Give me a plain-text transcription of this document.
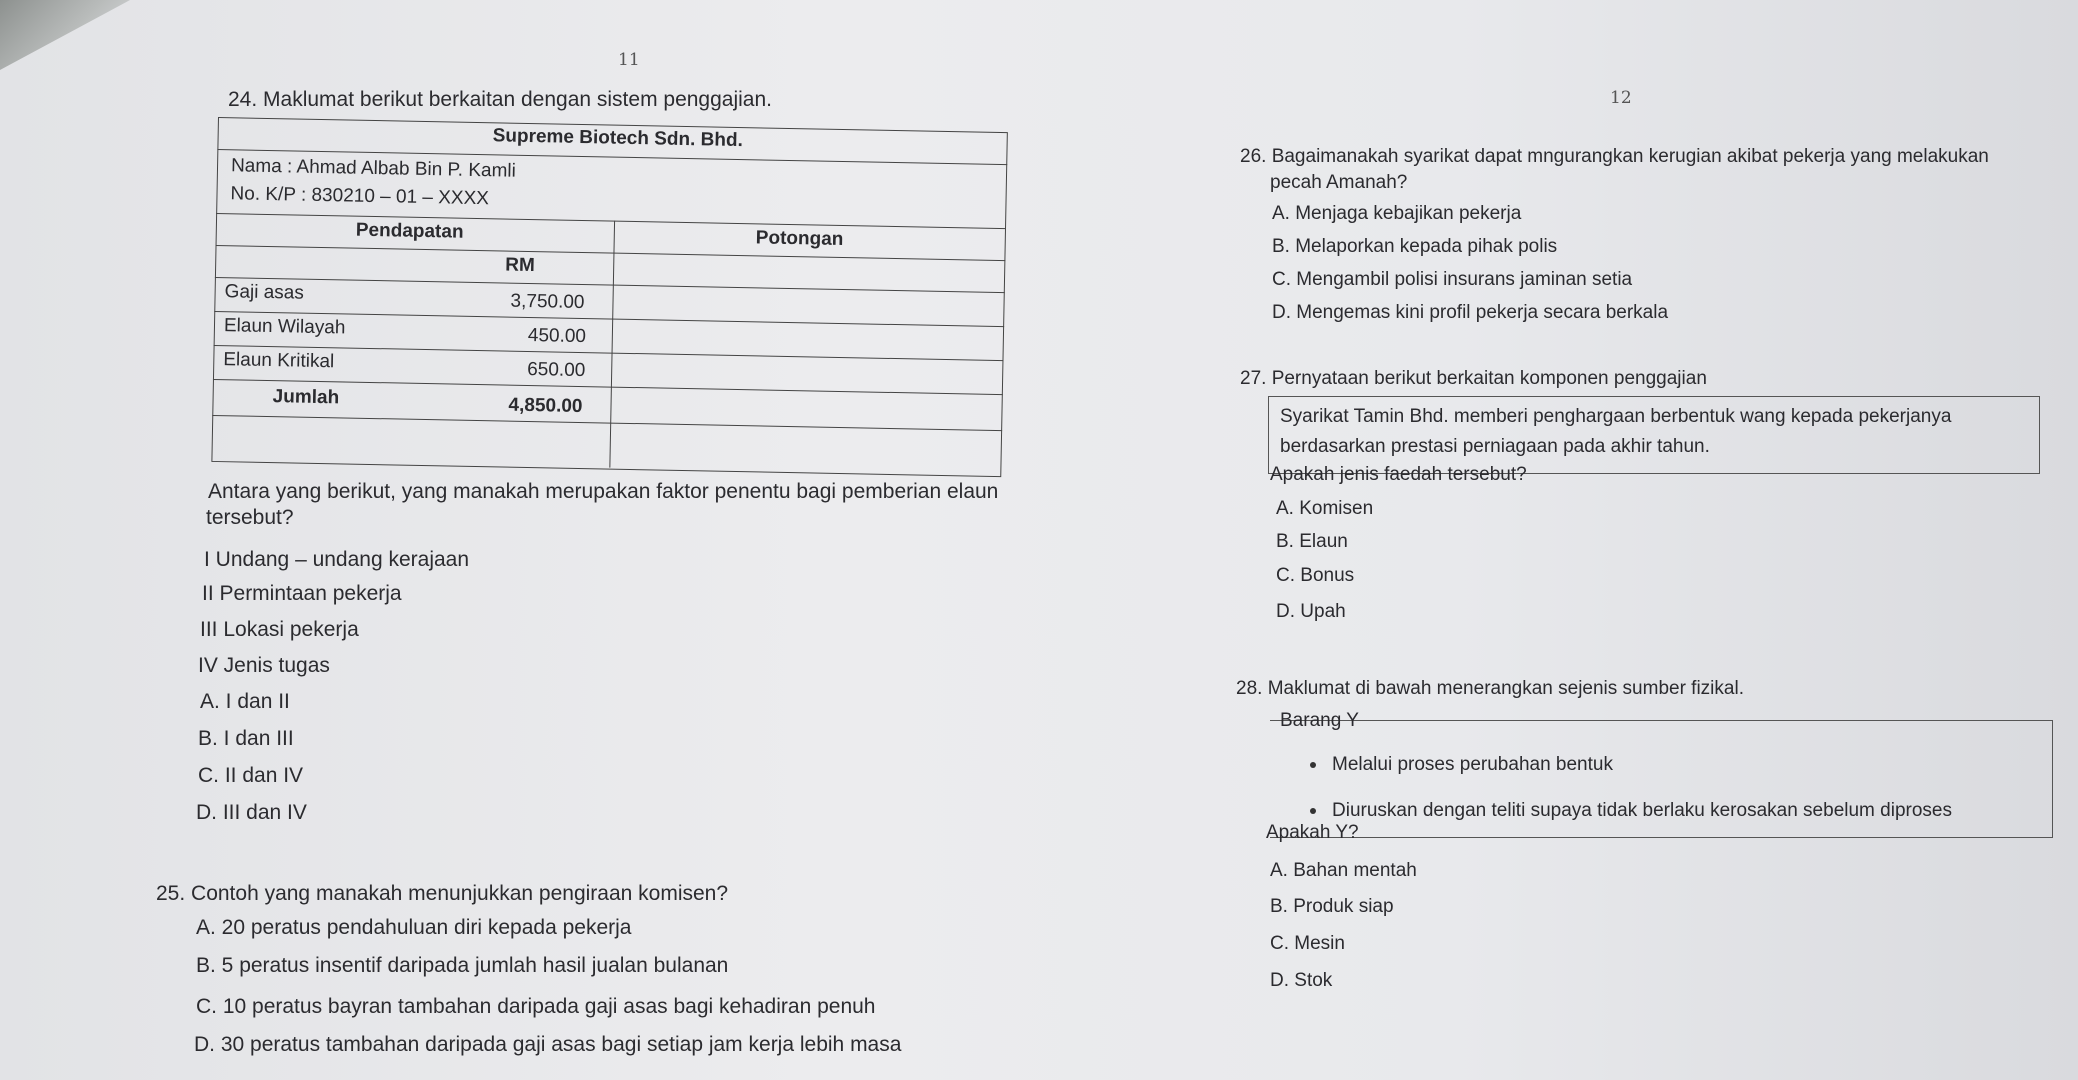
11
24. Maklumat berikut berkaitan dengan sistem penggajian.
Supreme Biotech Sdn. Bhd.
Nama : Ahmad Albab Bin P. Kamli
No. K/P : 830210 – 01 – XXXX
Pendapatan	Potongan
RM
Gaji asas	3,750.00
Elaun Wilayah	450.00
Elaun Kritikal	650.00
Jumlah	4,850.00
Antara yang berikut, yang manakah merupakan faktor penentu bagi pemberian elaun
tersebut?
I Undang – undang kerajaan
II Permintaan pekerja
III Lokasi pekerja
IV Jenis tugas
A. I dan II
B. I dan III
C. II dan IV
D. III dan IV
25. Contoh yang manakah menunjukkan pengiraan komisen?
A. 20 peratus pendahuluan diri kepada pekerja
B. 5 peratus insentif daripada jumlah hasil jualan bulanan
C. 10 peratus bayran tambahan daripada gaji asas bagi kehadiran penuh
D. 30 peratus tambahan daripada gaji asas bagi setiap jam kerja lebih masa
12
26. Bagaimanakah syarikat dapat mngurangkan kerugian akibat pekerja yang melakukan
pecah Amanah?
A. Menjaga kebajikan pekerja
B. Melaporkan kepada pihak polis
C. Mengambil polisi insurans jaminan setia
D. Mengemas kini profil pekerja secara berkala
27. Pernyataan berikut berkaitan komponen penggajian
Syarikat Tamin Bhd. memberi penghargaan berbentuk wang kepada pekerjanya
berdasarkan prestasi perniagaan pada akhir tahun.
Apakah jenis faedah tersebut?
A. Komisen
B. Elaun
C. Bonus
D. Upah
28. Maklumat di bawah menerangkan sejenis sumber fizikal.
Barang Y
Melalui proses perubahan bentuk
Diuruskan dengan teliti supaya tidak berlaku kerosakan sebelum diproses
Apakah Y?
A. Bahan mentah
B. Produk siap
C. Mesin
D. Stok
